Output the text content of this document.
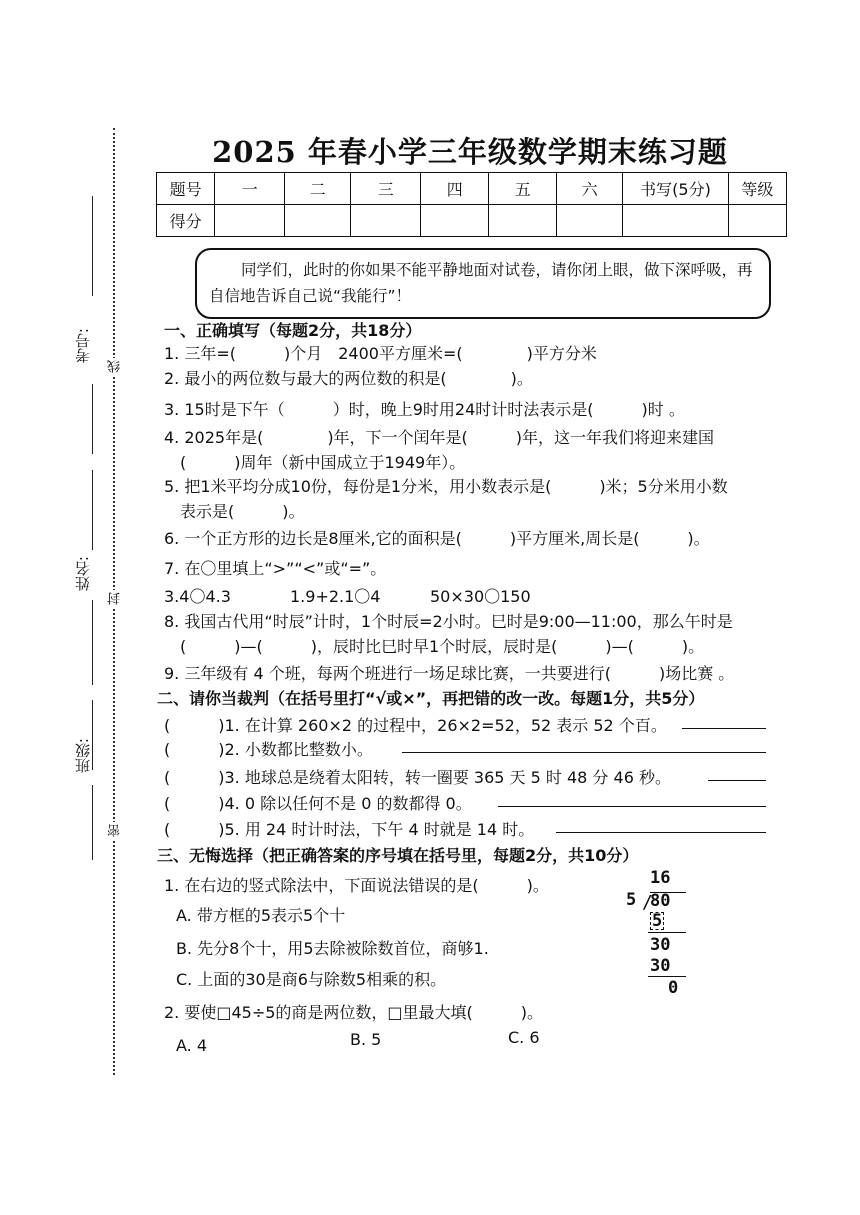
考号:
姓名:
班级:
线
封
密
2025 年春小学三年级数学期末练习题
题号	一	二	三	四	五	六	书写(5分)	等级
得分								
同学们，此时的你如果不能平静地面对试卷，请你闭上眼，做下深呼吸，再自信地告诉自己说“我能行”！
一、正确填写（每题2分，共18分）
1. 三年=(　　　)个月　2400平方厘米=(　　　　)平方分米
2. 最小的两位数与最大的两位数的积是(　　　　)。
3. 15时是下午（　　　）时，晚上9时用24时计时法表示是(　　　)时 。
4. 2025年是(　　　　)年，下一个闰年是(　　　)年，这一年我们将迎来建国
(　　　)周年（新中国成立于1949年）。
5. 把1米平均分成10份，每份是1分米，用小数表示是(　　　)米；5分米用小数
表示是(　　　)。
6. 一个正方形的边长是8厘米,它的面积是(　　　)平方厘米,周长是(　　　)。
7. 在〇里填上“>”“<”或“=”。
3.4〇4.3	1.9+2.1〇4	50×30〇150
8. 我国古代用“时辰”计时，1个时辰=2小时。巳时是9:00—11:00，那么午时是
(　　　)—(　　　)，辰时比巳时早1个时辰，辰时是(　　　)—(　　　)。
9. 三年级有 4 个班，每两个班进行一场足球比赛，一共要进行(　　　)场比赛 。
二、请你当裁判（在括号里打“√或×”，再把错的改一改。每题1分，共5分）
(　　　)1. 在计算 260×2 的过程中，26×2=52，52 表示 52 个百。
(　　　)2. 小数都比整数小。
(　　　)3. 地球总是绕着太阳转，转一圈要 365 天 5 时 48 分 46 秒。
(　　　)4. 0 除以任何不是 0 的数都得 0。
(　　　)5. 用 24 时计时法，下午 4 时就是 14 时。
三、无悔选择（把正确答案的序号填在括号里，每题2分，共10分）
1. 在右边的竖式除法中，下面说法错误的是(　　　)。
A. 带方框的5表示5个十
B. 先分8个十，用5去除被除数首位，商够1.
C. 上面的30是商6与除数5相乘的积。
2. 要使□45÷5的商是两位数，□里最大填(　　　)。
A. 4	B. 5	C. 6
16
5 /
80
5
30
30
0
